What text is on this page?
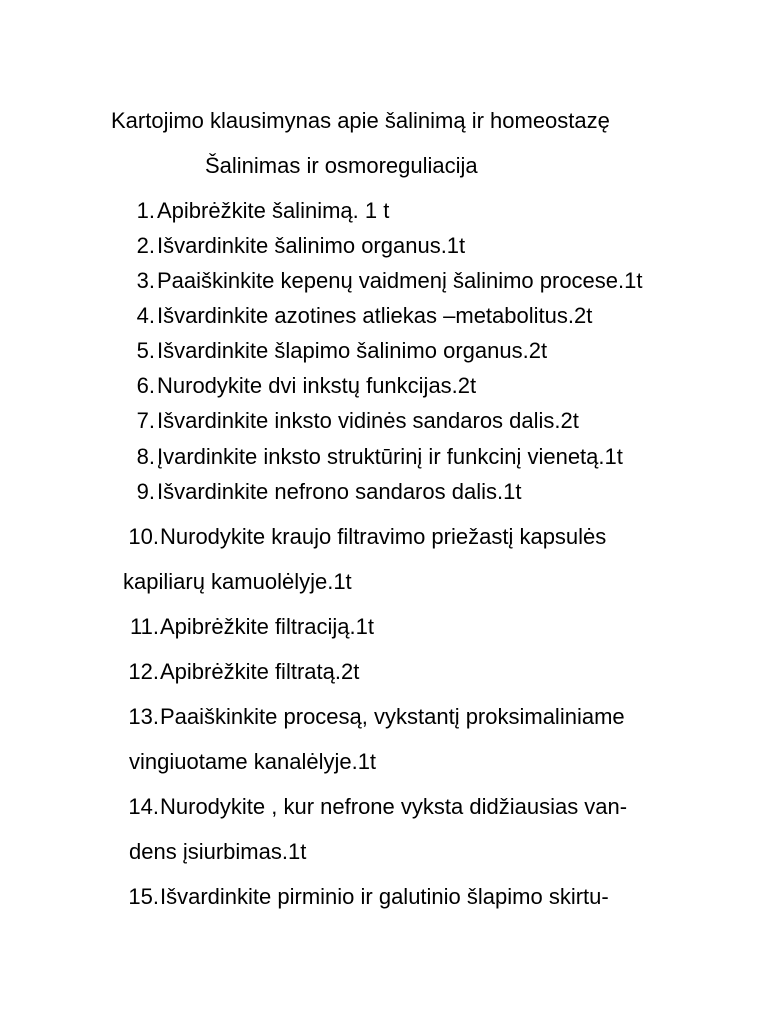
Kartojimo klausimynas apie šalinimą ir homeostazę
Šalinimas ir osmoreguliacija
1. Apibrėžkite šalinimą. 1 t
2. Išvardinkite šalinimo organus.1t
3. Paaiškinkite kepenų vaidmenį šalinimo procese.1t
4. Išvardinkite azotines atliekas –metabolitus.2t
5. Išvardinkite šlapimo šalinimo organus.2t
6. Nurodykite dvi inkstų funkcijas.2t
7. Išvardinkite inksto vidinės sandaros dalis.2t
8. Įvardinkite inksto struktūrinį ir funkcinį vienetą.1t
9. Išvardinkite nefrono sandaros dalis.1t
10. Nurodykite kraujo filtravimo priežastį kapsulės
kapiliarų kamuolėlyje.1t
11. Apibrėžkite filtraciją.1t
12. Apibrėžkite filtratą.2t
13. Paaiškinkite procesą, vykstantį proksimaliniame
vingiuotame kanalėlyje.1t
14. Nurodykite , kur nefrone vyksta didžiausias van-
dens įsiurbimas.1t
15. Išvardinkite pirminio ir galutinio šlapimo skirtu-
